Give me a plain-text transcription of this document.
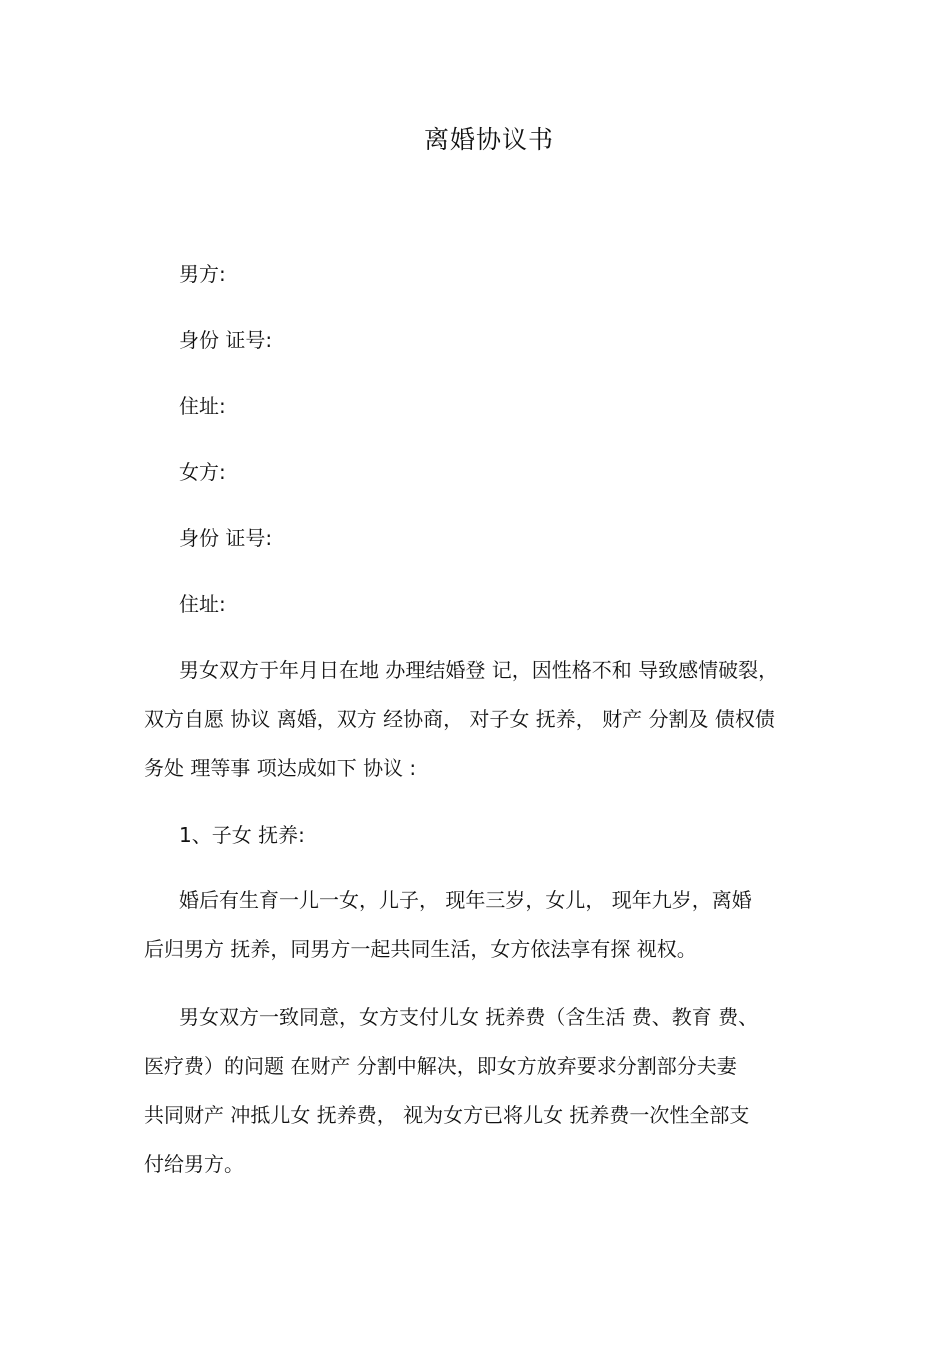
离婚协议书
男方:
身份 证号:
住址:
女方:
身份 证号:
住址:
男女双方于年月日在地 办理结婚登 记，因性格不和 导致感情破裂，
双方自愿 协议 离婚，双方 经协商， 对子女 抚养， 财产 分割及 债权债
务处 理等事 项达成如下 协议 :
1、子女 抚养:
婚后有生育一儿一女，儿子， 现年三岁，女儿， 现年九岁，离婚
后归男方 抚养，同男方一起共同生活，女方依法享有探 视权。
男女双方一致同意，女方支付儿女 抚养费（含生活 费、教育 费、
医疗费）的问题 在财产 分割中解决，即女方放弃要求分割部分夫妻
共同财产 冲抵儿女 抚养费， 视为女方已将儿女 抚养费一次性全部支
付给男方。
